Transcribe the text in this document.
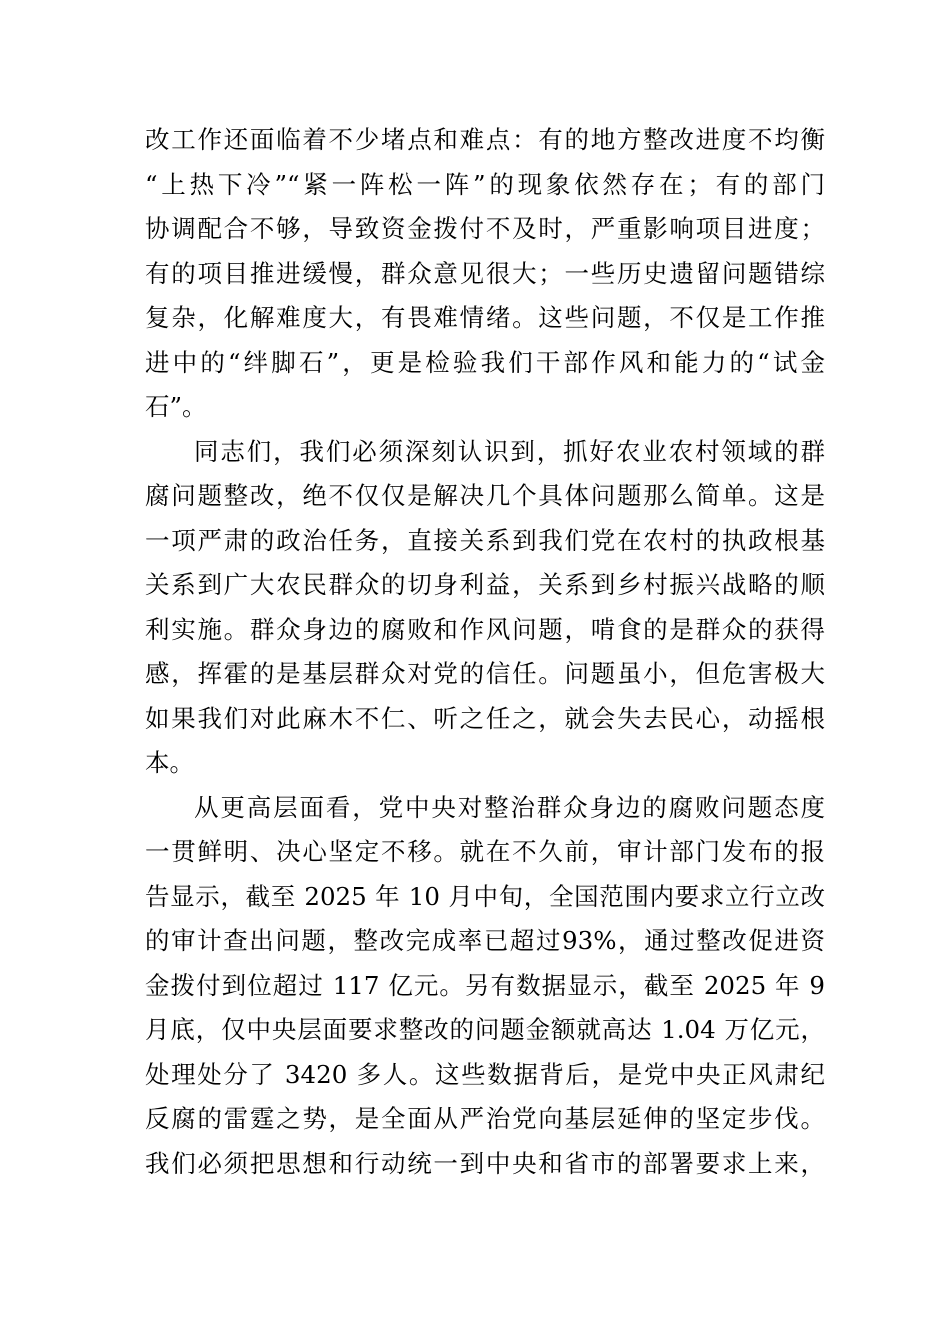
改工作还面临着不少堵点和难点：有的地方整改进度不均衡
“上热下冷”“紧一阵松一阵”的现象依然存在；有的部门
协调配合不够，导致资金拨付不及时，严重影响项目进度；
有的项目推进缓慢，群众意见很大；一些历史遗留问题错综
复杂，化解难度大，有畏难情绪。这些问题，不仅是工作推
进中的“绊脚石”，更是检验我们干部作风和能力的“试金
石”。
同志们，我们必须深刻认识到，抓好农业农村领域的群
腐问题整改，绝不仅仅是解决几个具体问题那么简单。这是
一项严肃的政治任务，直接关系到我们党在农村的执政根基
关系到广大农民群众的切身利益，关系到乡村振兴战略的顺
利实施。群众身边的腐败和作风问题，啃食的是群众的获得
感，挥霍的是基层群众对党的信任。问题虽小，但危害极大
如果我们对此麻木不仁、听之任之，就会失去民心，动摇根
本。
从更高层面看，党中央对整治群众身边的腐败问题态度
一贯鲜明、决心坚定不移。就在不久前，审计部门发布的报
告显示，截至 2025 年 10 月中旬，全国范围内要求立行立改
的审计查出问题，整改完成率已超过93%，通过整改促进资
金拨付到位超过 117 亿元。另有数据显示，截至 2025 年 9
月底，仅中央层面要求整改的问题金额就高达 1.04 万亿元，
处理处分了 3420 多人。这些数据背后，是党中央正风肃纪
反腐的雷霆之势，是全面从严治党向基层延伸的坚定步伐。
我们必须把思想和行动统一到中央和省市的部署要求上来，
